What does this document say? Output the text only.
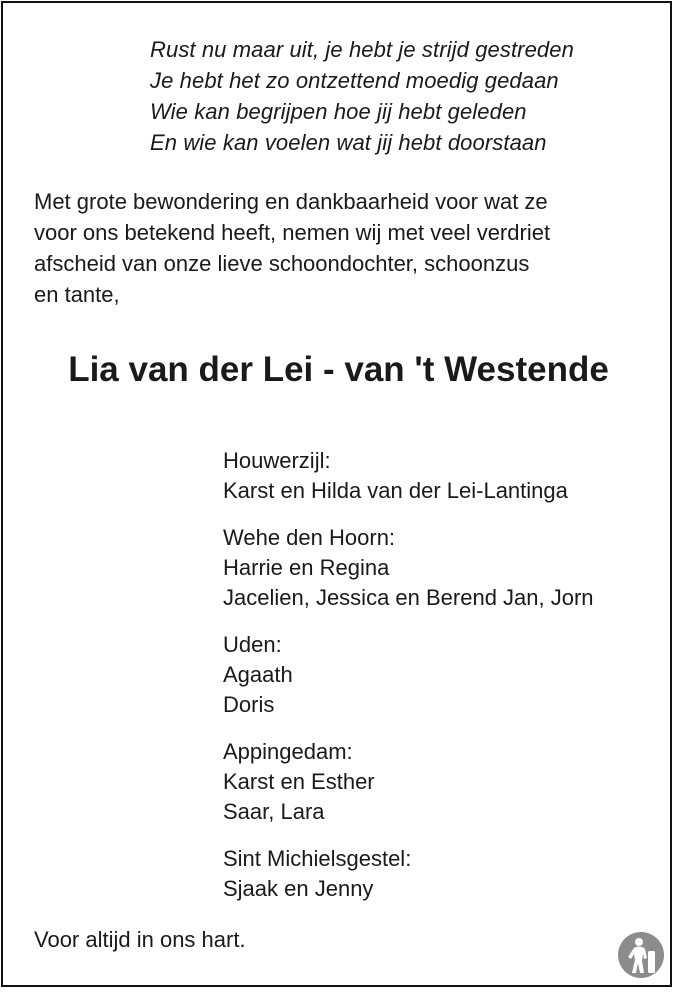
Rust nu maar uit, je hebt je strijd gestreden
Je hebt het zo ontzettend moedig gedaan
Wie kan begrijpen hoe jij hebt geleden
En wie kan voelen wat jij hebt doorstaan
Met grote bewondering en dankbaarheid voor wat ze
voor ons betekend heeft, nemen wij met veel verdriet
afscheid van onze lieve schoondochter, schoonzus
en tante,
Lia van der Lei - van 't Westende
Houwerzijl:
Karst en Hilda van der Lei-Lantinga
Wehe den Hoorn:
Harrie en Regina
Jacelien, Jessica en Berend Jan, Jorn
Uden:
Agaath
Doris
Appingedam:
Karst en Esther
Saar, Lara
Sint Michielsgestel:
Sjaak en Jenny
Voor altijd in ons hart.
